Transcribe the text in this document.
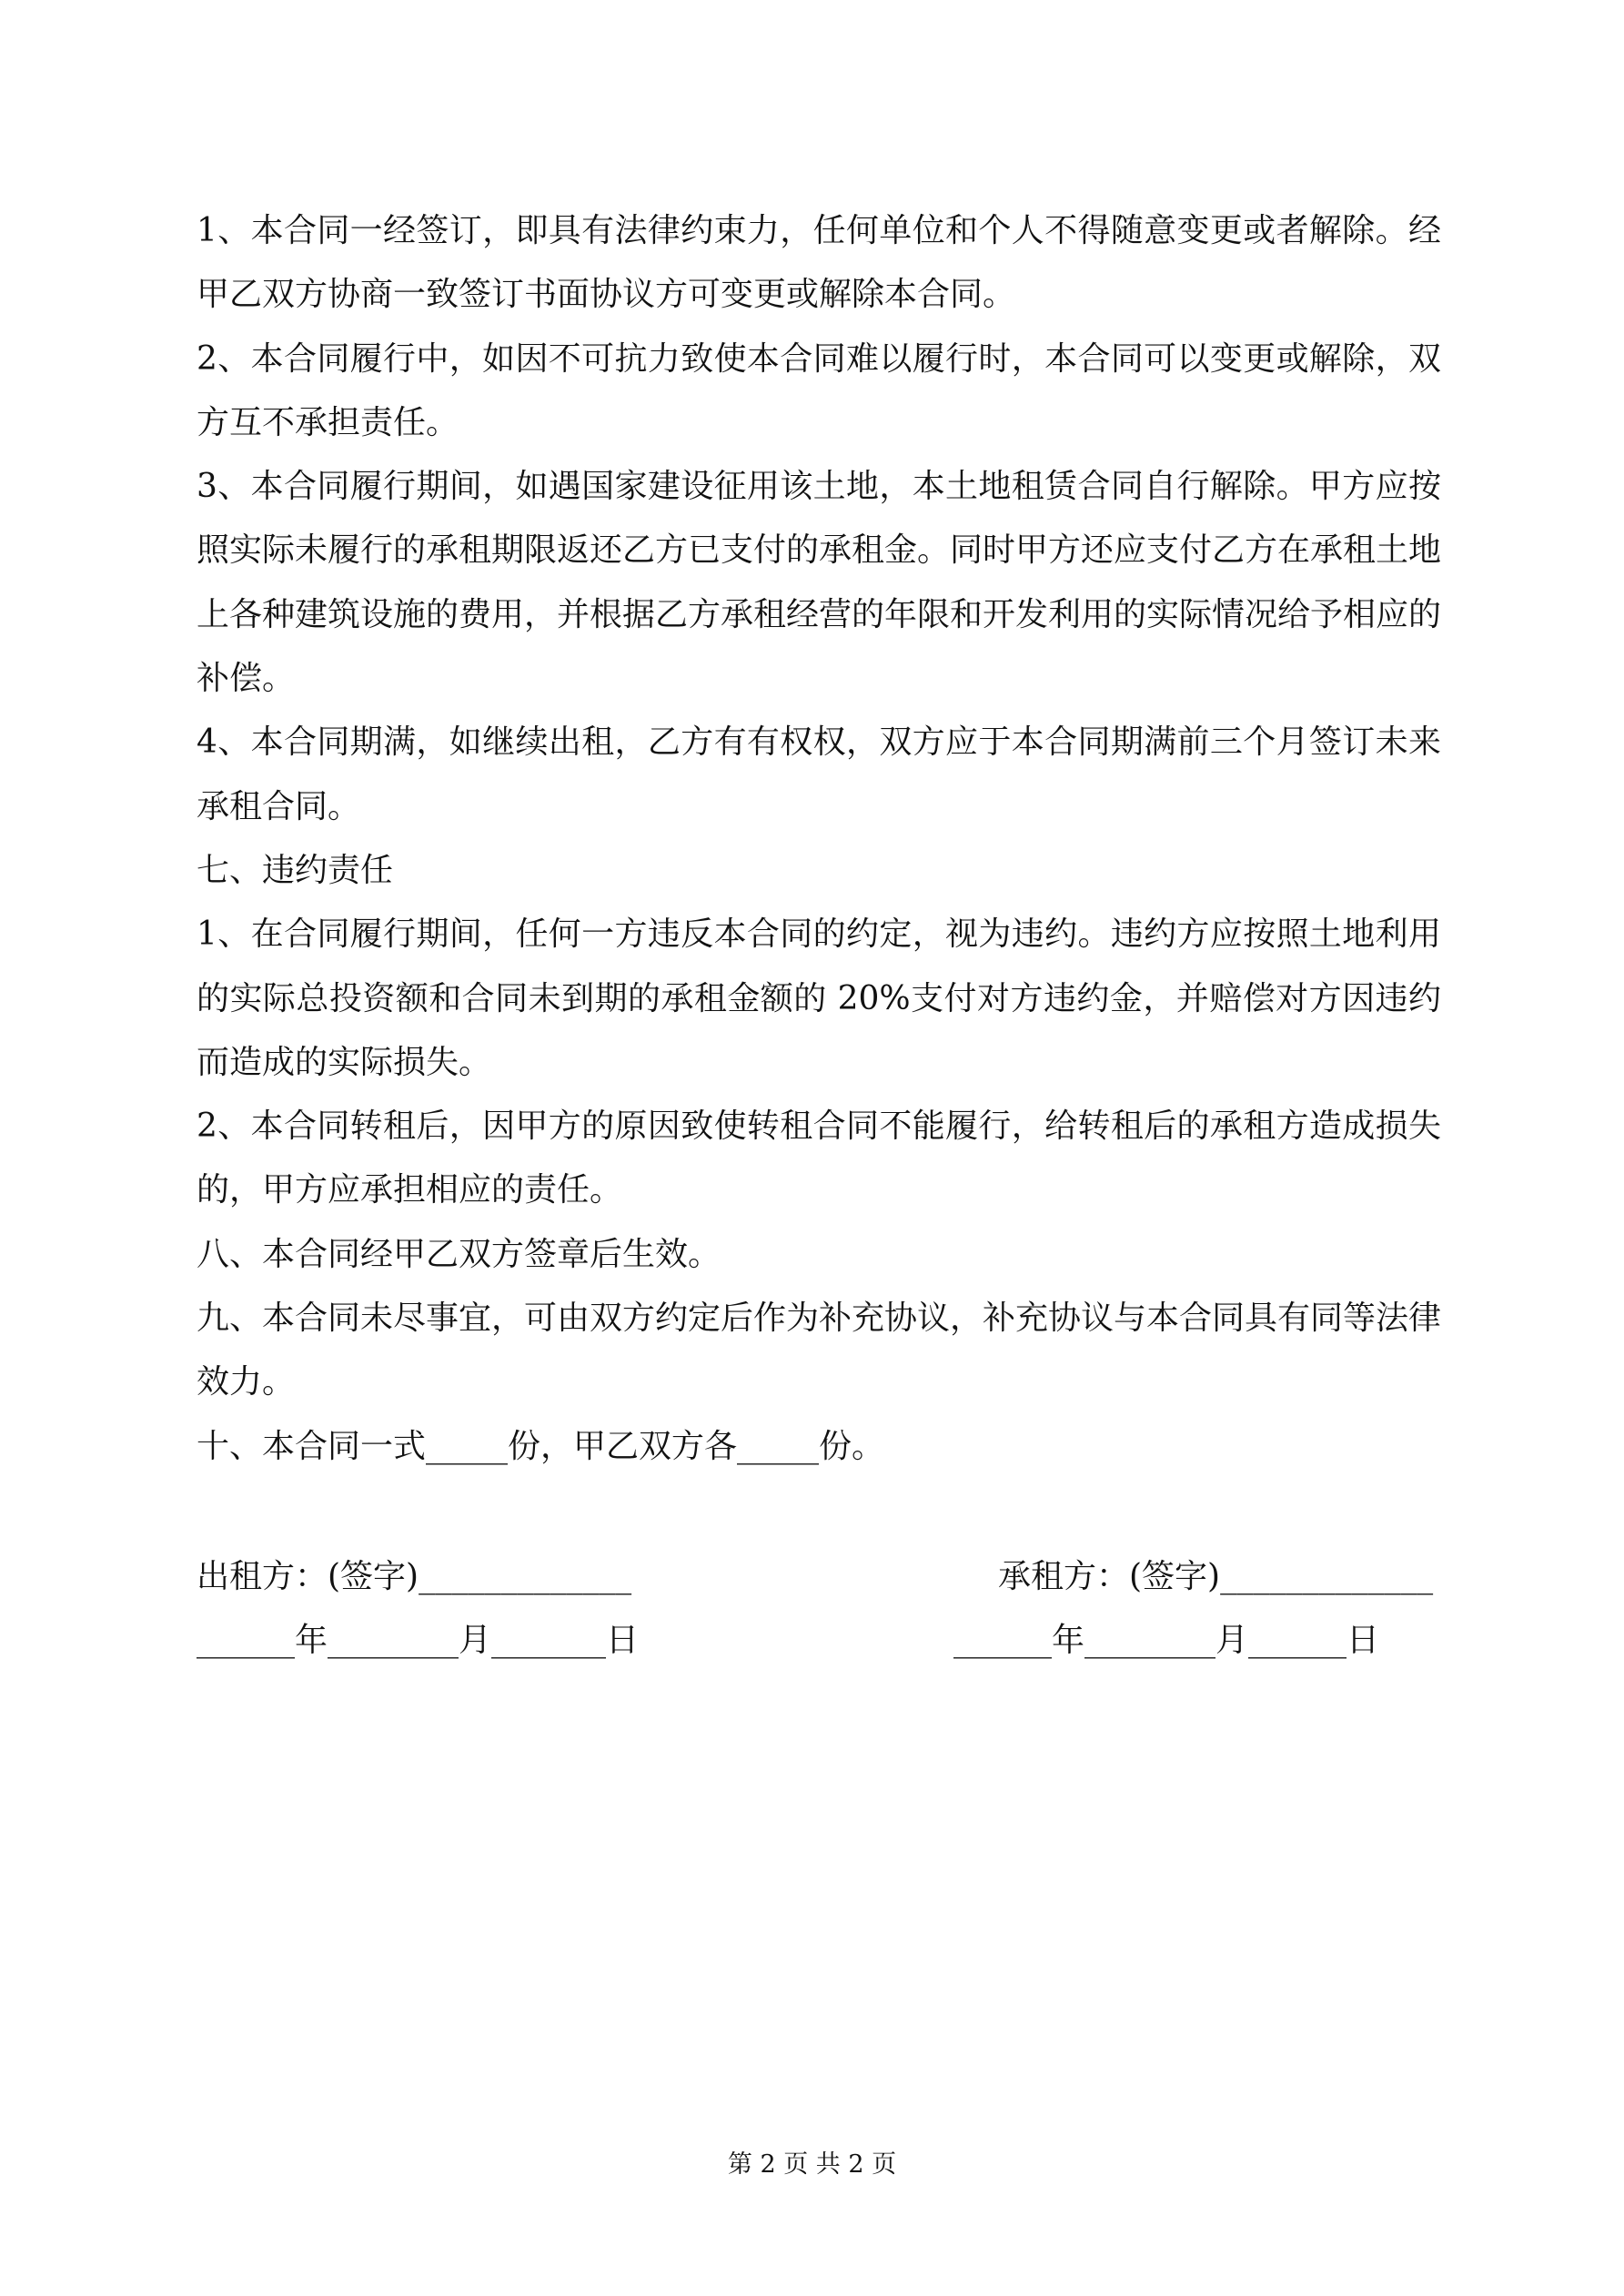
1、本合同一经签订，即具有法律约束力，任何单位和个人不得随意变更或者解除。经甲乙双方协商一致签订书面协议方可变更或解除本合同。

2、本合同履行中，如因不可抗力致使本合同难以履行时，本合同可以变更或解除，双方互不承担责任。

3、本合同履行期间，如遇国家建设征用该土地，本土地租赁合同自行解除。甲方应按照实际未履行的承租期限返还乙方已支付的承租金。同时甲方还应支付乙方在承租土地上各种建筑设施的费用，并根据乙方承租经营的年限和开发利用的实际情况给予相应的补偿。

4、本合同期满，如继续出租，乙方有有权权，双方应于本合同期满前三个月签订未来承租合同。

七、违约责任

1、在合同履行期间，任何一方违反本合同的约定，视为违约。违约方应按照土地利用的实际总投资额和合同未到期的承租金额的 20%支付对方违约金，并赔偿对方因违约而造成的实际损失。

2、本合同转租后，因甲方的原因致使转租合同不能履行，给转租后的承租方造成损失的，甲方应承担相应的责任。

八、本合同经甲乙双方签章后生效。

九、本合同未尽事宜，可由双方约定后作为补充协议，补充协议与本合同具有同等法律效力。

十、本合同一式_____份，甲乙双方各_____份。

出租方：(签字)_____________	承租方：(签字)_____________
______年________月_______日	______年________月______日
第 2 页 共 2 页
